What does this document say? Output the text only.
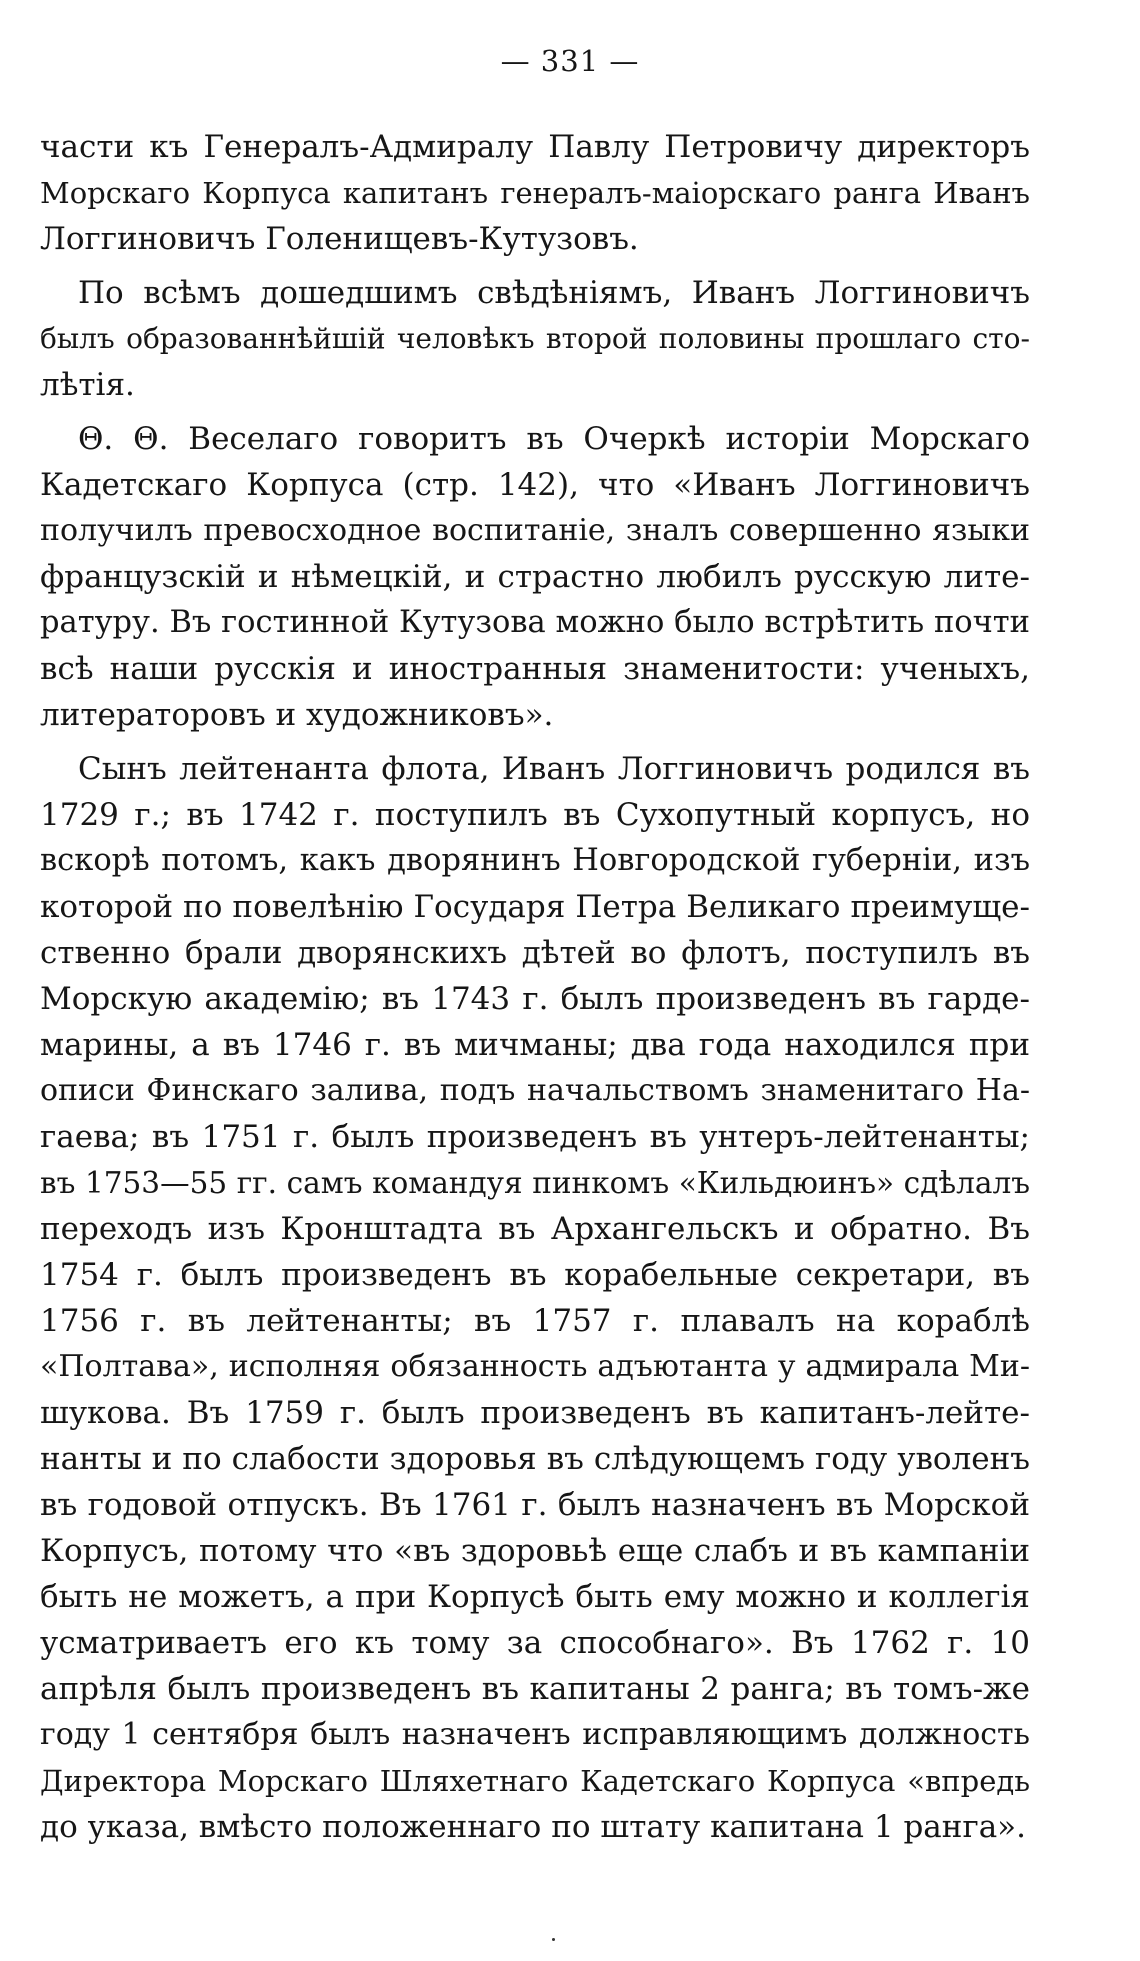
— 331 —
части къ Генералъ-Адмиралу Павлу Петровичу директоръ
Морскаго Корпуса капитанъ генералъ-маіорскаго ранга Иванъ
Логгиновичъ Голенищевъ-Кутузовъ.
По всѣмъ дошедшимъ свѣдѣніямъ, Иванъ Логгиновичъ
былъ образованнѣйшій человѣкъ второй половины прошлаго сто-
лѣтія.
Θ. Θ. Веселаго говоритъ въ Очеркѣ исторіи Морскаго
Кадетскаго Корпуса (стр. 142), что «Иванъ Логгиновичъ
получилъ превосходное воспитаніе, зналъ совершенно языки
французскій и нѣмецкій, и страстно любилъ русскую лите-
ратуру. Въ гостинной Кутузова можно было встрѣтить почти
всѣ наши русскія и иностранныя знаменитости: ученыхъ,
литераторовъ и художниковъ».
Сынъ лейтенанта флота, Иванъ Логгиновичъ родился въ
1729 г.; въ 1742 г. поступилъ въ Сухопутный корпусъ, но
вскорѣ потомъ, какъ дворянинъ Новгородской губерніи, изъ
которой по повелѣнію Государя Петра Великаго преимуще-
ственно брали дворянскихъ дѣтей во флотъ, поступилъ въ
Морскую академію; въ 1743 г. былъ произведенъ въ гарде-
марины, а въ 1746 г. въ мичманы; два года находился при
описи Финскаго залива, подъ начальствомъ знаменитаго На-
гаева; въ 1751 г. былъ произведенъ въ унтеръ-лейтенанты;
въ 1753—55 гг. самъ командуя пинкомъ «Кильдюинъ» сдѣлалъ
переходъ изъ Кронштадта въ Архангельскъ и обратно. Въ
1754 г. былъ произведенъ въ корабельные секретари, въ
1756 г. въ лейтенанты; въ 1757 г. плавалъ на кораблѣ
«Полтава», исполняя обязанность адъютанта у адмирала Ми-
шукова. Въ 1759 г. былъ произведенъ въ капитанъ-лейте-
нанты и по слабости здоровья въ слѣдующемъ году уволенъ
въ годовой отпускъ. Въ 1761 г. былъ назначенъ въ Морской
Корпусъ, потому что «въ здоровьѣ еще слабъ и въ кампаніи
быть не можетъ, а при Корпусѣ быть ему можно и коллегія
усматриваетъ его къ тому за способнаго». Въ 1762 г. 10
апрѣля былъ произведенъ въ капитаны 2 ранга; въ томъ-же
году 1 сентября былъ назначенъ исправляющимъ должность
Директора Морскаго Шляхетнаго Кадетскаго Корпуса «впредь
до указа, вмѣсто положеннаго по штату капитана 1 ранга».
